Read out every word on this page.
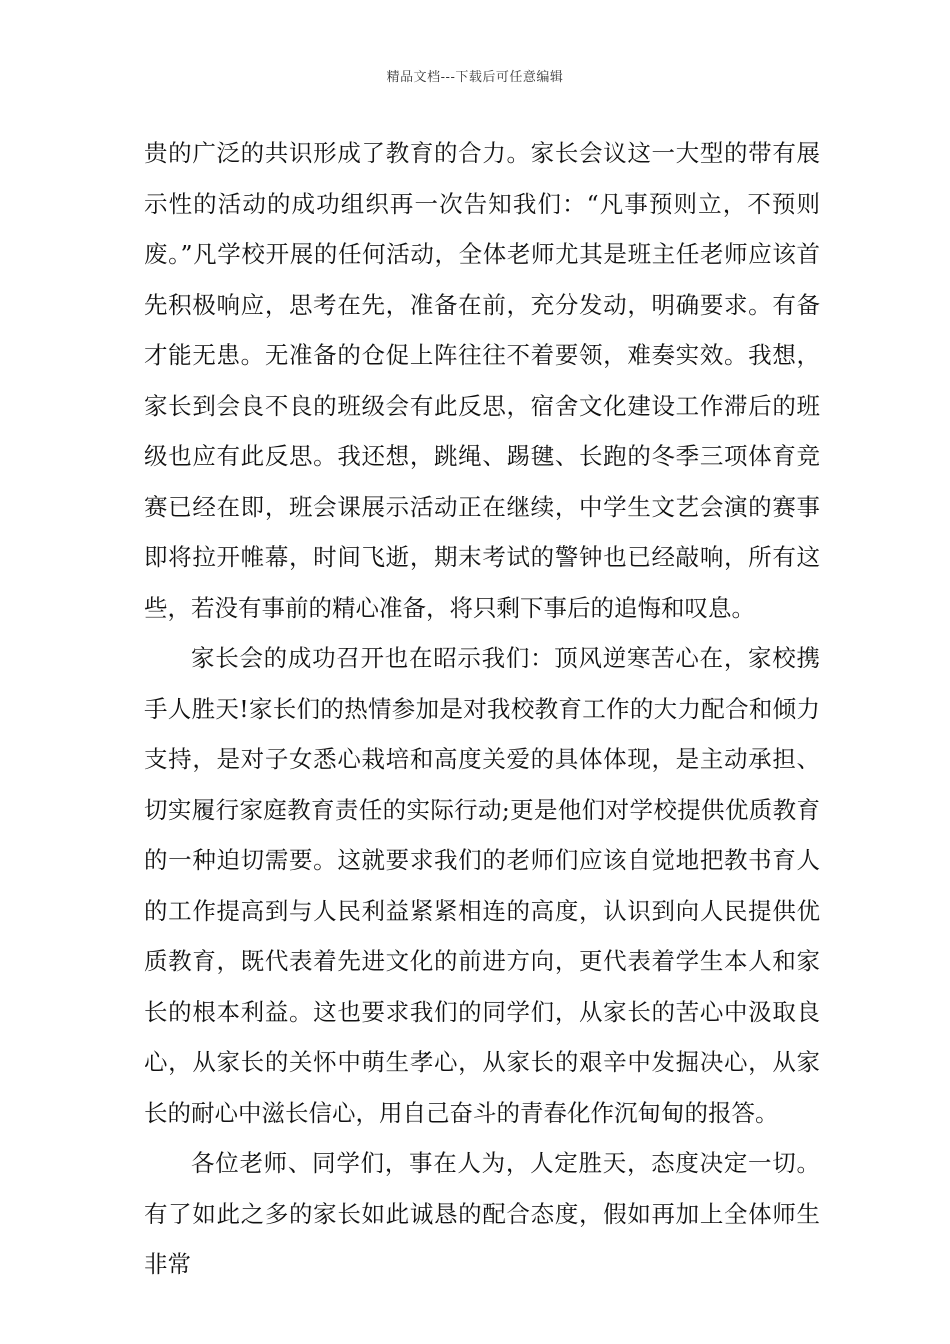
精品文档---下载后可任意编辑

贵的广泛的共识形成了教育的合力。家长会议这一大型的带有展示性的活动的成功组织再一次告知我们：“凡事预则立，不预则废。”凡学校开展的任何活动，全体老师尤其是班主任老师应该首先积极响应，思考在先，准备在前，充分发动，明确要求。有备才能无患。无准备的仓促上阵往往不着要领，难奏实效。我想，家长到会良不良的班级会有此反思，宿舍文化建设工作滞后的班级也应有此反思。我还想，跳绳、踢毽、长跑的冬季三项体育竞赛已经在即，班会课展示活动正在继续，中学生文艺会演的赛事即将拉开帷幕，时间飞逝，期末考试的警钟也已经敲响，所有这些，若没有事前的精心准备，将只剩下事后的追悔和叹息。

家长会的成功召开也在昭示我们：顶风逆寒苦心在，家校携手人胜天!家长们的热情参加是对我校教育工作的大力配合和倾力支持，是对子女悉心栽培和高度关爱的具体体现，是主动承担、切实履行家庭教育责任的实际行动;更是他们对学校提供优质教育的一种迫切需要。这就要求我们的老师们应该自觉地把教书育人的工作提高到与人民利益紧紧相连的高度，认识到向人民提供优质教育，既代表着先进文化的前进方向，更代表着学生本人和家长的根本利益。这也要求我们的同学们，从家长的苦心中汲取良心，从家长的关怀中萌生孝心，从家长的艰辛中发掘决心，从家长的耐心中滋长信心，用自己奋斗的青春化作沉甸甸的报答。

各位老师、同学们，事在人为，人定胜天，态度决定一切。有了如此之多的家长如此诚恳的配合态度，假如再加上全体师生非常
